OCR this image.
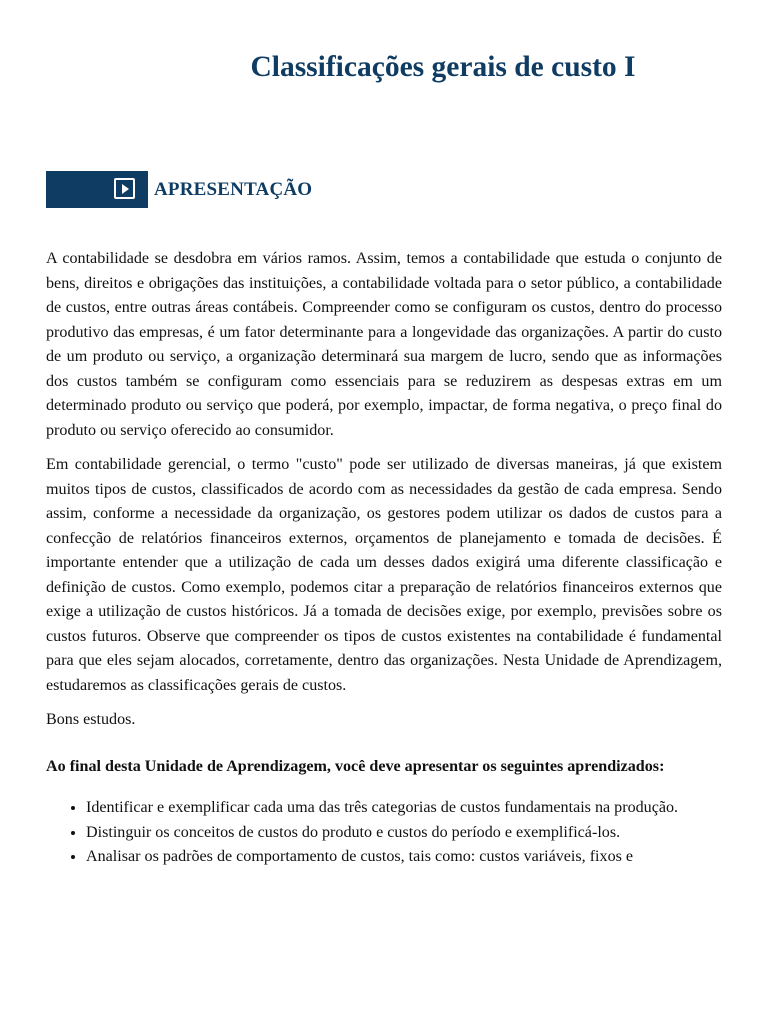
Classificações gerais de custo I
APRESENTAÇÃO

A contabilidade se desdobra em vários ramos. Assim, temos a contabilidade que estuda o conjunto de bens, direitos e obrigações das instituições, a contabilidade voltada para o setor público, a contabilidade de custos, entre outras áreas contábeis. Compreender como se configuram os custos, dentro do processo produtivo das empresas, é um fator determinante para a longevidade das organizações. A partir do custo de um produto ou serviço, a organização determinará sua margem de lucro, sendo que as informações dos custos também se configuram como essenciais para se reduzirem as despesas extras em um determinado produto ou serviço que poderá, por exemplo, impactar, de forma negativa, o preço final do produto ou serviço oferecido ao consumidor.

Em contabilidade gerencial, o termo "custo" pode ser utilizado de diversas maneiras, já que existem muitos tipos de custos, classificados de acordo com as necessidades da gestão de cada empresa. Sendo assim, conforme a necessidade da organização, os gestores podem utilizar os dados de custos para a confecção de relatórios financeiros externos, orçamentos de planejamento e tomada de decisões. É importante entender que a utilização de cada um desses dados exigirá uma diferente classificação e definição de custos. Como exemplo, podemos citar a preparação de relatórios financeiros externos que exige a utilização de custos históricos. Já a tomada de decisões exige, por exemplo, previsões sobre os custos futuros. Observe que compreender os tipos de custos existentes na contabilidade é fundamental para que eles sejam alocados, corretamente, dentro das organizações. Nesta Unidade de Aprendizagem, estudaremos as classificações gerais de custos.

Bons estudos.

Ao final desta Unidade de Aprendizagem, você deve apresentar os seguintes aprendizados:

• Identificar e exemplificar cada uma das três categorias de custos fundamentais na produção.
• Distinguir os conceitos de custos do produto e custos do período e exemplificá-los.
• Analisar os padrões de comportamento de custos, tais como: custos variáveis, fixos e
